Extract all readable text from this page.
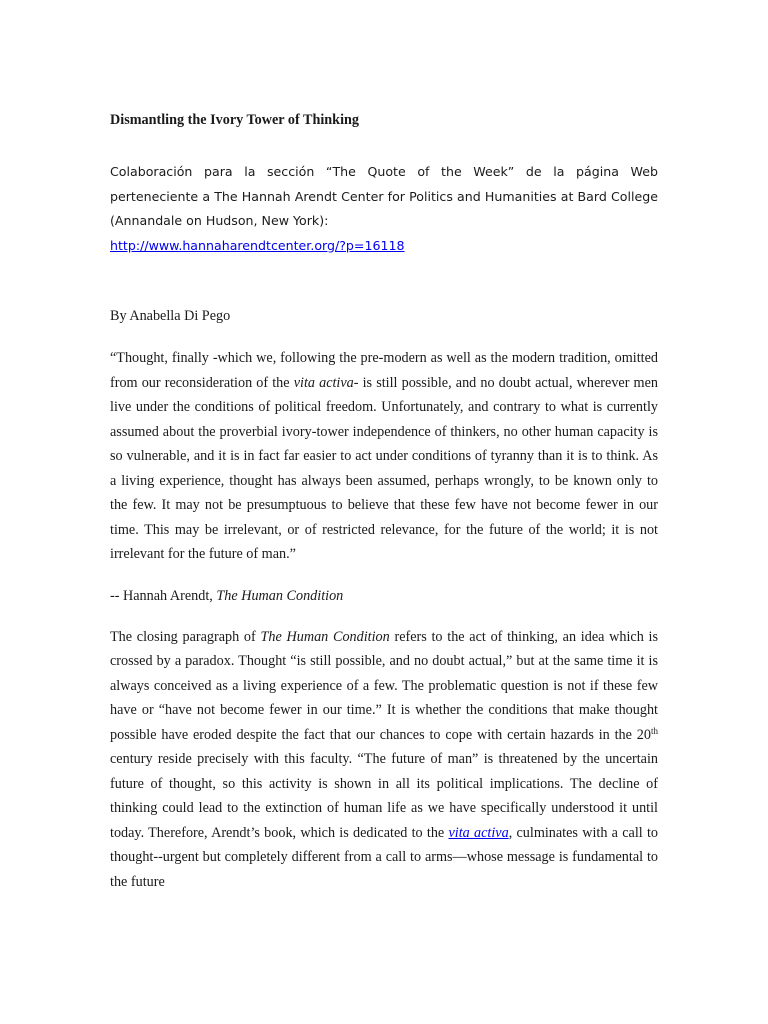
Dismantling the Ivory Tower of Thinking

Colaboración para la sección “The Quote of the Week” de la página Web perteneciente a The Hannah Arendt Center for Politics and Humanities at Bard College (Annandale on Hudson, New York):
http://www.hannaharendtcenter.org/?p=16118

By Anabella Di Pego

“Thought, finally -which we, following the pre-modern as well as the modern tradition, omitted from our reconsideration of the vita activa- is still possible, and no doubt actual, wherever men live under the conditions of political freedom. Unfortunately, and contrary to what is currently assumed about the proverbial ivory-tower independence of thinkers, no other human capacity is so vulnerable, and it is in fact far easier to act under conditions of tyranny than it is to think. As a living experience, thought has always been assumed, perhaps wrongly, to be known only to the few. It may not be presumptuous to believe that these few have not become fewer in our time. This may be irrelevant, or of restricted relevance, for the future of the world; it is not irrelevant for the future of man.”

-- Hannah Arendt, The Human Condition

The closing paragraph of The Human Condition refers to the act of thinking, an idea which is crossed by a paradox. Thought “is still possible, and no doubt actual,” but at the same time it is always conceived as a living experience of a few. The problematic question is not if these few have or “have not become fewer in our time.” It is whether the conditions that make thought possible have eroded despite the fact that our chances to cope with certain hazards in the 20th century reside precisely with this faculty. “The future of man” is threatened by the uncertain future of thought, so this activity is shown in all its political implications. The decline of thinking could lead to the extinction of human life as we have specifically understood it until today. Therefore, Arendt’s book, which is dedicated to the vita activa, culminates with a call to thought--urgent but completely different from a call to arms—whose message is fundamental to the future
